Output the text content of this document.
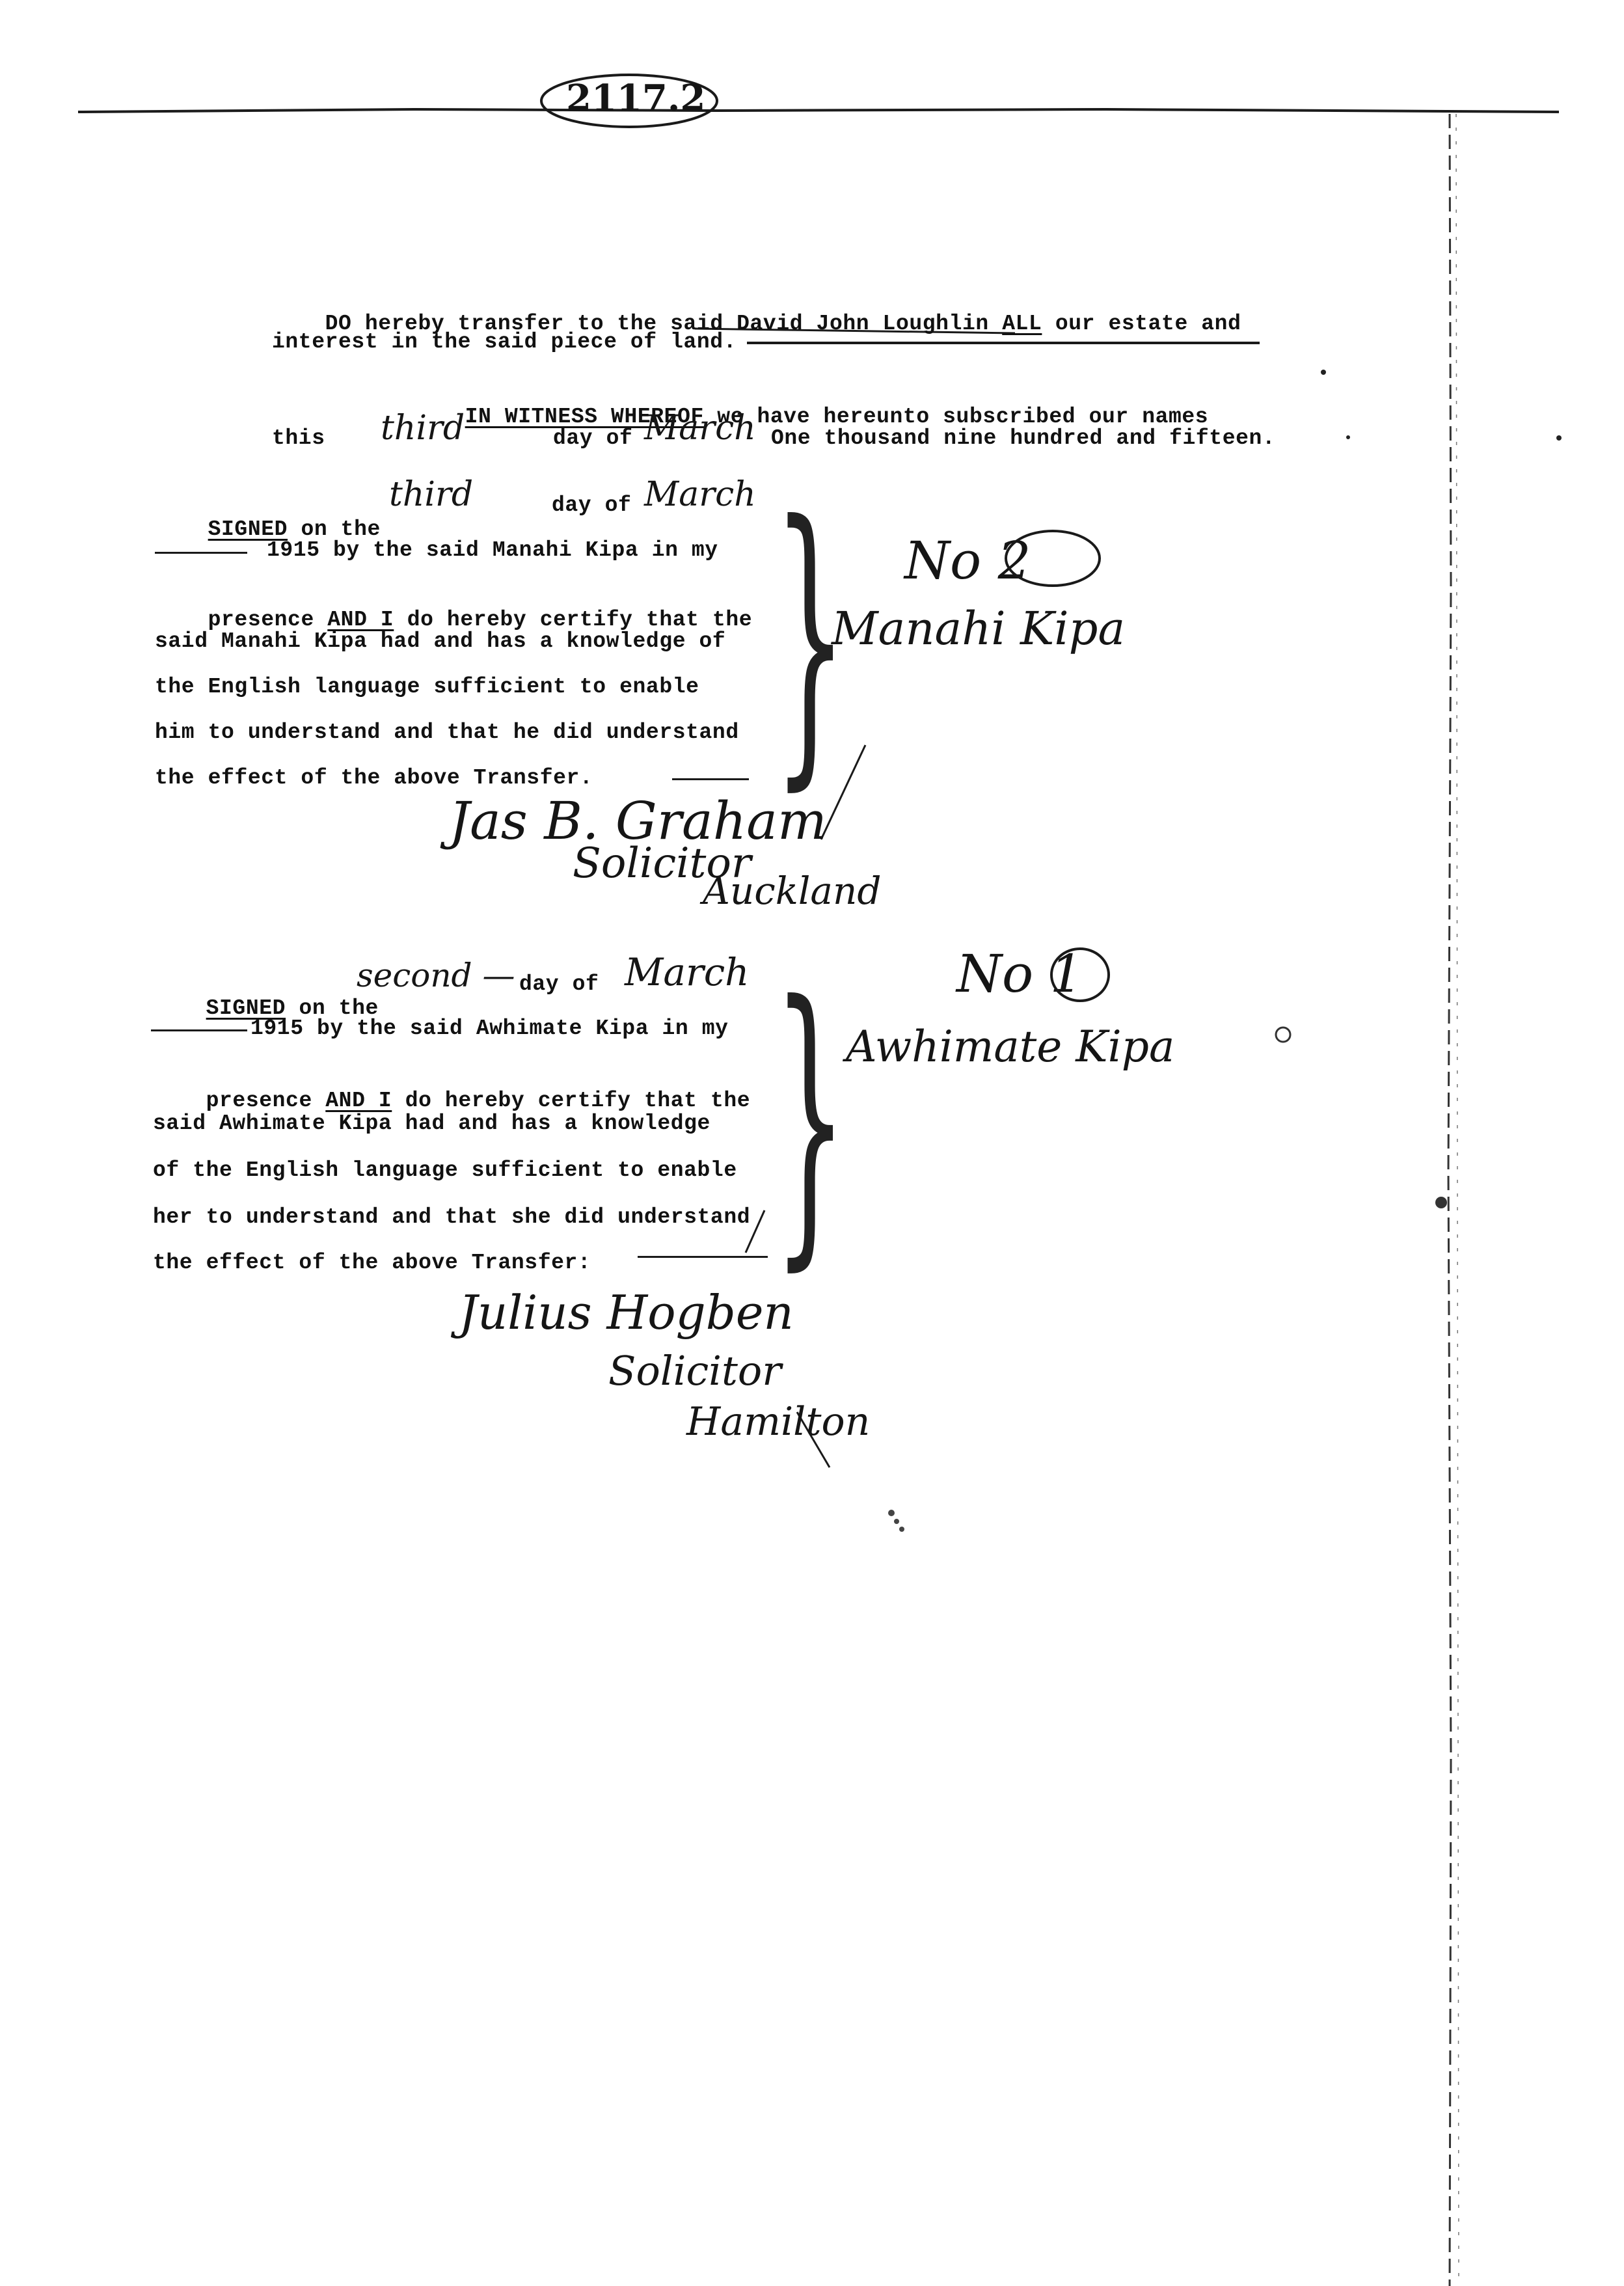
2117.2

DO hereby transfer to the said David John Loughlin ALL our estate and

interest in the said piece of land.

IN WITNESS WHEREOF we have hereunto subscribed our names

this third	day of March One thousand nine hundred and fifteen.

SIGNED on the

third	day of March
1915 by the said Manahi Kipa in my

presence AND I do hereby certify that the

said Manahi Kipa had and has a knowledge of
the English language sufficient to enable
him to understand and that he did understand
the effect of the above Transfer. } No 2
Manahi Kipa
Jas B. Graham
Solicitor
Auckland

SIGNED on the

second — day of March
1915 by the said Awhimate Kipa in my

presence AND I do hereby certify that the

said Awhimate Kipa had and has a knowledge
of the English language sufficient to enable
her to understand and that she did understand
the effect of the above Transfer: } No 1
Awhimate Kipa
Julius Hogben
Solicitor
Hamilton
